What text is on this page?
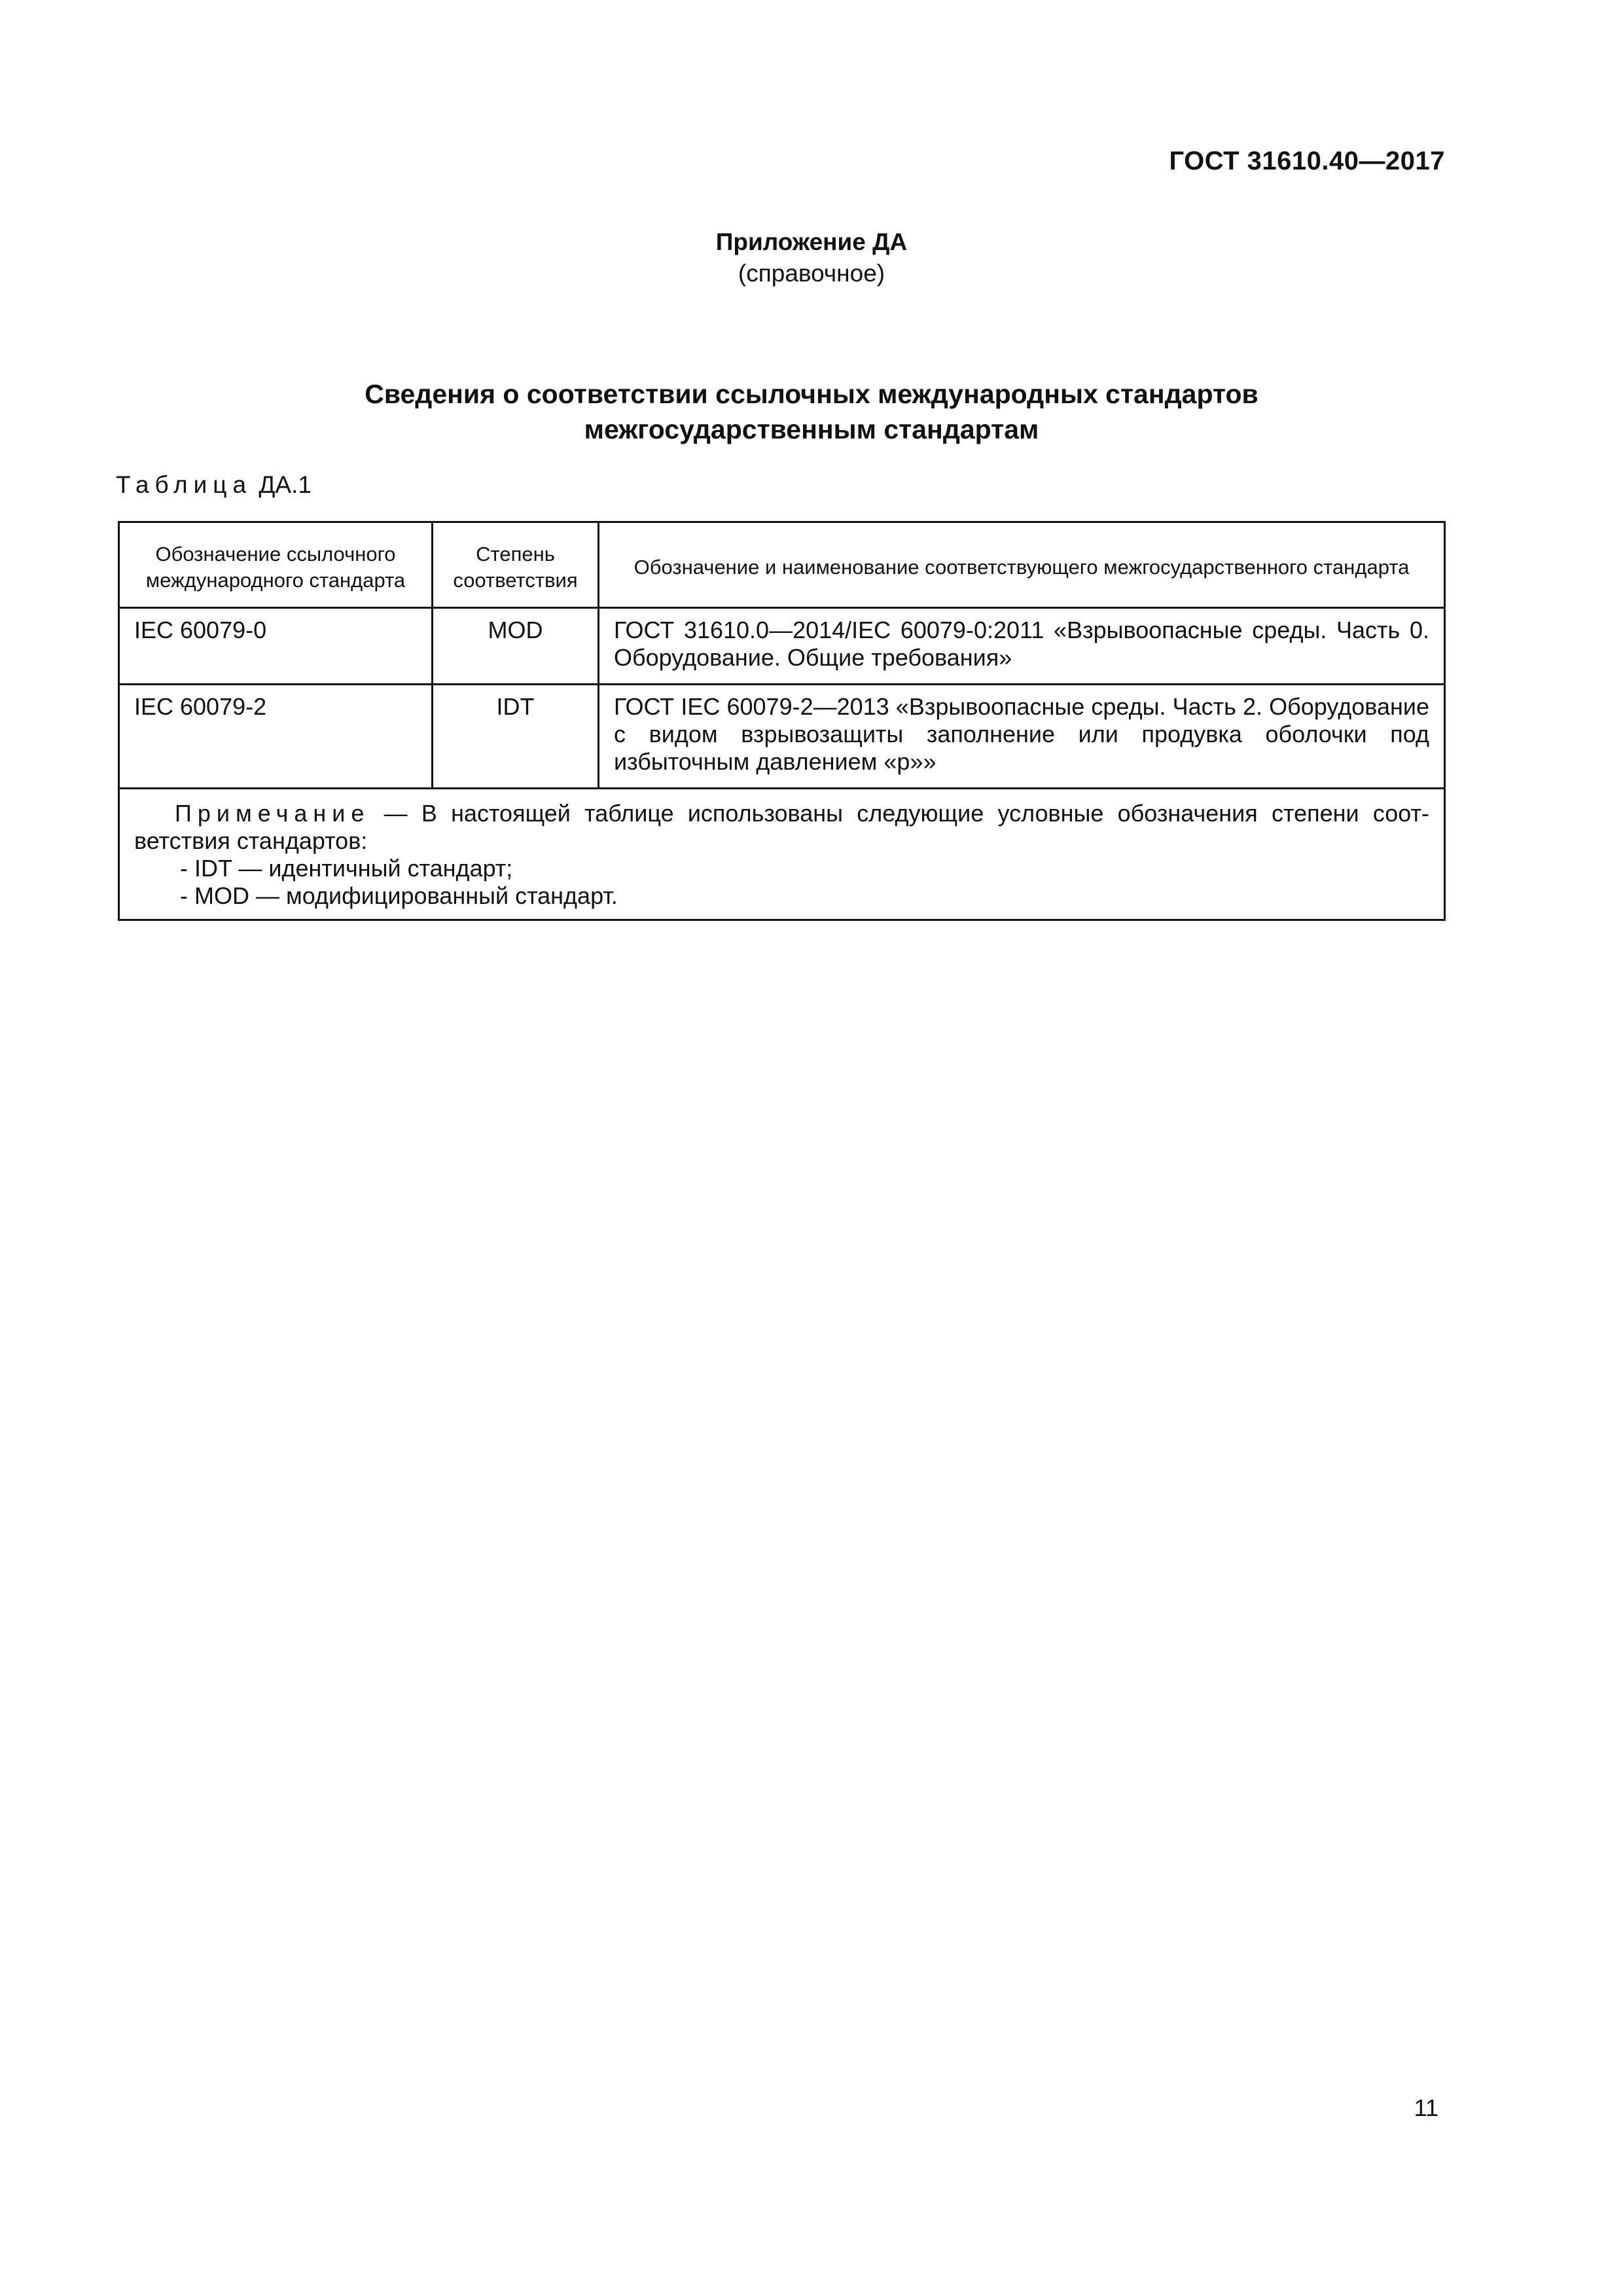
ГОСТ 31610.40—2017
Приложение ДА
(справочное)
Сведения о соответствии ссылочных международных стандартов
межгосударственным стандартам
Таблица ДА.1
Обозначение ссылочного международного стандарта	Степень соответствия	Обозначение и наименование соответствующего межгосударственного стандарта
IEC 60079-0	MOD	ГОСТ 31610.0—2014/IEC 60079-0:2011 «Взрывоопасные среды. Часть 0. Оборудование. Общие требования»
IEC 60079-2	IDT	ГОСТ IEC 60079-2—2013 «Взрывоопасные среды. Часть 2. Оборудование с видом взрывозащиты заполнение или продувка оболочки под избыточным давлением «р»»

Примечание — В настоящей таблице использованы следующие условные обозначения степени соответствия стандартов:
- IDT — идентичный стандарт;
- MOD — модифицированный стандарт.		
11
